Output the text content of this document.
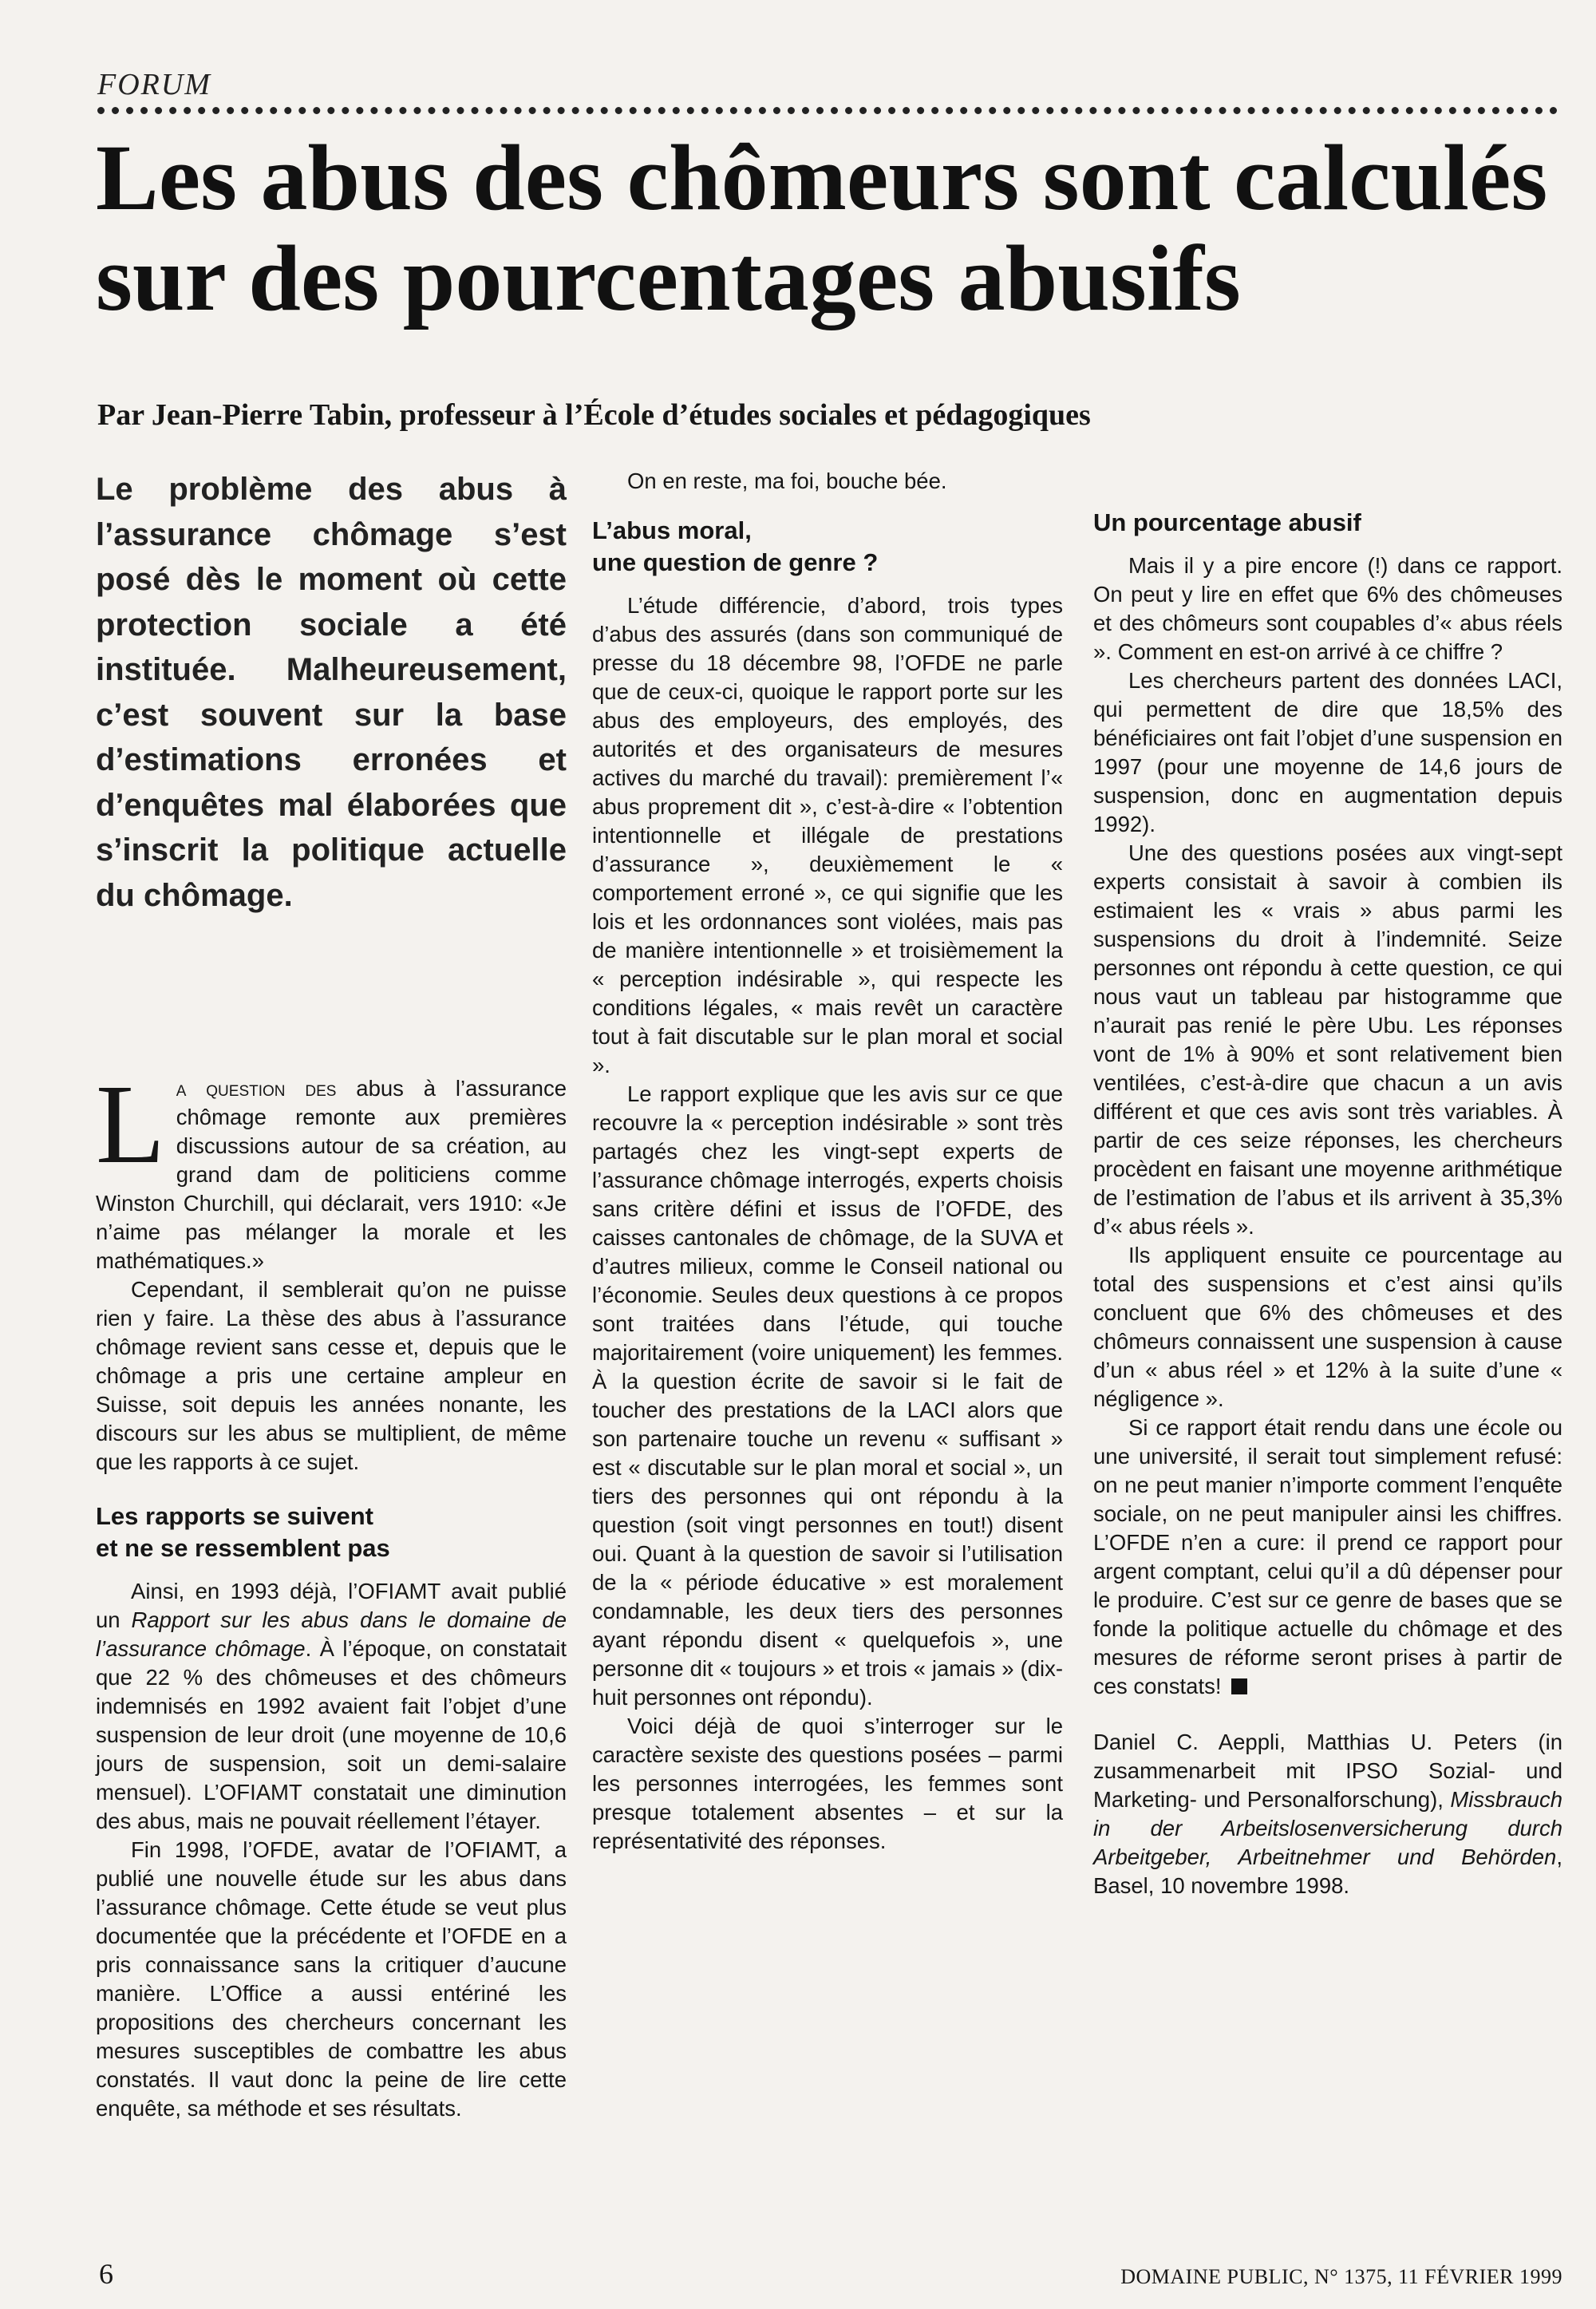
FORUM
Les abus des chômeurs sont calculés
sur des pourcentages abusifs

Par Jean-Pierre Tabin, professeur à l’École d’études sociales et pédagogiques

Le problème des abus à l’assurance chômage s’est posé dès le moment où cette protection sociale a été instituée. Malheureusement, c’est souvent sur la base d’estimations erronées et d’enquêtes mal élaborées que s’inscrit la politique actuelle du chômage.

La question des abus à l’assurance chômage remonte aux premières discussions autour de sa création, au grand dam de politiciens comme Winston Churchill, qui déclarait, vers 1910: «Je n’aime pas mélanger la morale et les mathématiques.»

Cependant, il semblerait qu’on ne puisse rien y faire. La thèse des abus à l’assurance chômage revient sans cesse et, depuis que le chômage a pris une certaine ampleur en Suisse, soit depuis les années nonante, les discours sur les abus se multiplient, de même que les rapports à ce sujet.

Les rapports se suivent
et ne se ressemblent pas

Ainsi, en 1993 déjà, l’OFIAMT avait publié un Rapport sur les abus dans le domaine de l’assurance chômage. À l’époque, on constatait que 22 % des chômeuses et des chômeurs indemnisés en 1992 avaient fait l’objet d’une suspension de leur droit (une moyenne de 10,6 jours de suspension, soit un demi-salaire mensuel). L’OFIAMT constatait une diminution des abus, mais ne pouvait réellement l’étayer.

Fin 1998, l’OFDE, avatar de l’OFIAMT, a publié une nouvelle étude sur les abus dans l’assurance chômage. Cette étude se veut plus documentée que la précédente et l’OFDE en a pris connaissance sans la critiquer d’aucune manière. L’Office a aussi entériné les propositions des chercheurs concernant les mesures susceptibles de combattre les abus constatés. Il vaut donc la peine de lire cette enquête, sa méthode et ses résultats.

On en reste, ma foi, bouche bée.

L’abus moral,
une question de genre ?

L’étude différencie, d’abord, trois types d’abus des assurés (dans son communiqué de presse du 18 décembre 98, l’OFDE ne parle que de ceux-ci, quoique le rapport porte sur les abus des employeurs, des employés, des autorités et des organisateurs de mesures actives du marché du travail): premièrement l’« abus proprement dit », c’est-à-dire « l’obtention intentionnelle et illégale de prestations d’assurance », deuxièmement le « comportement erroné », ce qui signifie que les lois et les ordonnances sont violées, mais pas de manière intentionnelle » et troisièmement la « perception indésirable », qui respecte les conditions légales, « mais revêt un caractère tout à fait discutable sur le plan moral et social ».

Le rapport explique que les avis sur ce que recouvre la « perception indésirable » sont très partagés chez les vingt-sept experts de l’assurance chômage interrogés, experts choisis sans critère défini et issus de l’OFDE, des caisses cantonales de chômage, de la SUVA et d’autres milieux, comme le Conseil national ou l’économie. Seules deux questions à ce propos sont traitées dans l’étude, qui touche majoritairement (voire uniquement) les femmes. À la question écrite de savoir si le fait de toucher des prestations de la LACI alors que son partenaire touche un revenu « suffisant » est « discutable sur le plan moral et social », un tiers des personnes qui ont répondu à la question (soit vingt personnes en tout!) disent oui. Quant à la question de savoir si l’utilisation de la « période éducative » est moralement condamnable, les deux tiers des personnes ayant répondu disent « quelquefois », une personne dit « toujours » et trois « jamais » (dix-huit personnes ont répondu).

Voici déjà de quoi s’interroger sur le caractère sexiste des questions posées – parmi les personnes interrogées, les femmes sont presque totalement absentes – et sur la représentativité des réponses.

Un pourcentage abusif

Mais il y a pire encore (!) dans ce rapport. On peut y lire en effet que 6% des chômeuses et des chômeurs sont coupables d’« abus réels ». Comment en est-on arrivé à ce chiffre ?

Les chercheurs partent des données LACI, qui permettent de dire que 18,5% des bénéficiaires ont fait l’objet d’une suspension en 1997 (pour une moyenne de 14,6 jours de suspension, donc en augmentation depuis 1992).

Une des questions posées aux vingt-sept experts consistait à savoir à combien ils estimaient les « vrais » abus parmi les suspensions du droit à l’indemnité. Seize personnes ont répondu à cette question, ce qui nous vaut un tableau par histogramme que n’aurait pas renié le père Ubu. Les réponses vont de 1% à 90% et sont relativement bien ventilées, c’est-à-dire que chacun a un avis différent et que ces avis sont très variables. À partir de ces seize réponses, les chercheurs procèdent en faisant une moyenne arithmétique de l’estimation de l’abus et ils arrivent à 35,3% d’« abus réels ».

Ils appliquent ensuite ce pourcentage au total des suspensions et c’est ainsi qu’ils concluent que 6% des chômeuses et des chômeurs connaissent une suspension à cause d’un « abus réel » et 12% à la suite d’une « négligence ».

Si ce rapport était rendu dans une école ou une université, il serait tout simplement refusé: on ne peut manier n’importe comment l’enquête sociale, on ne peut manipuler ainsi les chiffres. L’OFDE n’en a cure: il prend ce rapport pour argent comptant, celui qu’il a dû dépenser pour le produire. C’est sur ce genre de bases que se fonde la politique actuelle du chômage et des mesures de réforme seront prises à partir de ces constats!

Daniel C. Aeppli, Matthias U. Peters (in zusammenarbeit mit IPSO Sozial- und Marketing- und Personalforschung), Missbrauch in der Arbeitslosenversicherung durch Arbeitgeber, Arbeitnehmer und Behörden, Basel, 10 novembre 1998.

6	DOMAINE PUBLIC, N° 1375, 11 FÉVRIER 1999
